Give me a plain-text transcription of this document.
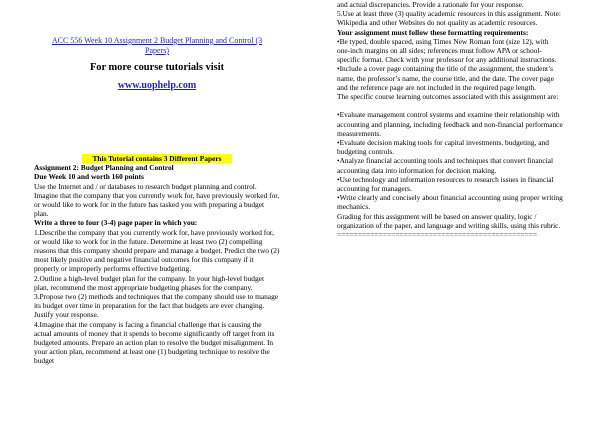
ACC 556 Week 10 Assignment 2 Budget Planning and Control (3 Papers)
For more course tutorials visit
www.uophelp.com
This Tutorial contains 3 Different Papers

Assignment 2: Budget Planning and Control

Due Week 10 and worth 160 points

Use the Internet and / or databases to research budget planning and control. Imagine that the company that you currently work for, have previously worked for, or would like to work for in the future has tasked you with preparing a budget plan.

Write a three to four (3-4) page paper in which you:

1.Describe the company that you currently work for, have previously worked for, or would like to work for in the future. Determine at least two (2) compelling reasons that this company should prepare and manage a budget. Predict the two (2) most likely positive and negative financial outcomes for this company if it properly or improperly performs effective budgeting.

2.Outline a high-level budget plan for the company. In your high-level budget plan, recommend the most appropriate budgeting phases for the company.

3.Propose two (2) methods and techniques that the company should use to manage its budget over time in preparation for the fact that budgets are ever changing. Justify your response.

4.Imagine that the company is facing a financial challenge that is causing the actual amounts of money that it spends to become significantly off target from its budgeted amounts. Prepare an action plan to resolve the budget misalignment. In your action plan, recommend at least one (1) budgeting technique to resolve the budget

and actual discrepancies. Provide a rationale for your response.

5.Use at least three (3) quality academic resources in this assignment. Note: Wikipedia and other Websites do not quality as academic resources.

Your assignment must follow these formatting requirements:

•Be typed, double spaced, using Times New Roman font (size 12), with one-inch margins on all sides; references must follow APA or school-specific format. Check with your professor for any additional instructions.

•Include a cover page containing the title of the assignment, the student’s name, the professor’s name, the course title, and the date. The cover page and the reference page are not included in the required page length.

The specific course learning outcomes associated with this assignment are:

•Evaluate management control systems and examine their relationship with accounting and planning, including feedback and non-financial performance measurements.

•Evaluate decision making tools for capital investments, budgeting, and budgeting controls.

•Analyze financial accounting tools and techniques that convert financial accounting data into information for decision making.

•Use technology and information resources to research issues in financial accounting for managers.

•Write clearly and concisely about financial accounting using proper writing mechanics.

Grading for this assignment will be based on answer quality, logic / organization of the paper, and language and writing skills, using this rubric.

================================================
